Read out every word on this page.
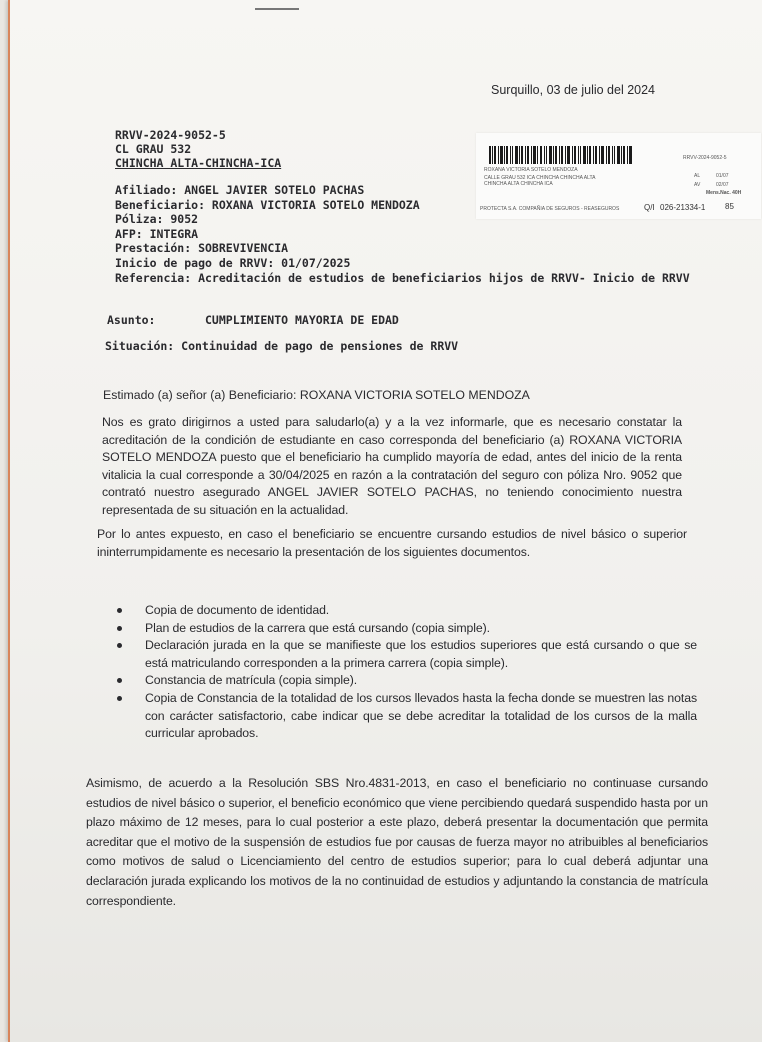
Surquillo, 03 de julio del 2024
RRVV-2024-9052-5
CL GRAU 532
CHINCHA ALTA-CHINCHA-ICA	ROXANA VICTORIA SOTELO MENDOZA
CALLE GRAU 532 ICA CHINCHA CHINCHA ALTA
CHINCHA ALTA CHINCHA ICA
RRVV-2024-9052-5
AL	01/07
AV	02/07
Mens.Nac. 40H
PROTECTA S.A. COMPAÑIA DE SEGUROS - REASEGUROS	Q/I 026-21334-1 85
Afiliado: ANGEL JAVIER SOTELO PACHAS
Beneficiario: ROXANA VICTORIA SOTELO MENDOZA
Póliza: 9052
AFP: INTEGRA
Prestación: SOBREVIVENCIA
Inicio de pago de RRVV: 01/07/2025
Referencia: Acreditación de estudios de beneficiarios hijos de RRVV- Inicio de RRVV
Asunto:	CUMPLIMIENTO MAYORIA DE EDAD
Situación: Continuidad de pago de pensiones de RRVV
Estimado (a) señor (a) Beneficiario: ROXANA VICTORIA SOTELO MENDOZA
Nos es grato dirigirnos a usted para saludarlo(a) y a la vez informarle, que es necesario constatar la acreditación de la condición de estudiante en caso corresponda del beneficiario (a) ROXANA VICTORIA SOTELO MENDOZA puesto que el beneficiario ha cumplido mayoría de edad, antes del inicio de la renta vitalicia la cual corresponde a 30/04/2025 en razón a la contratación del seguro con póliza Nro. 9052 que contrató nuestro asegurado ANGEL JAVIER SOTELO PACHAS, no teniendo conocimiento nuestra representada de su situación en la actualidad.
Por lo antes expuesto, en caso el beneficiario se encuentre cursando estudios de nivel básico o superior ininterrumpidamente es necesario la presentación de los siguientes documentos.
Copia de documento de identidad.
Plan de estudios de la carrera que está cursando (copia simple).
Declaración jurada en la que se manifieste que los estudios superiores que está cursando o que se está matriculando corresponden a la primera carrera (copia simple).
Constancia de matrícula (copia simple).
Copia de Constancia de la totalidad de los cursos llevados hasta la fecha donde se muestren las notas con carácter satisfactorio, cabe indicar que se debe acreditar la totalidad de los cursos de la malla curricular aprobados.
Asimismo, de acuerdo a la Resolución SBS Nro.4831-2013, en caso el beneficiario no continuase cursando estudios de nivel básico o superior, el beneficio económico que viene percibiendo quedará suspendido hasta por un plazo máximo de 12 meses, para lo cual posterior a este plazo, deberá presentar la documentación que permita acreditar que el motivo de la suspensión de estudios fue por causas de fuerza mayor no atribuibles al beneficiarios como motivos de salud o Licenciamiento del centro de estudios superior; para lo cual deberá adjuntar una declaración jurada explicando los motivos de la no continuidad de estudios y adjuntando la constancia de matrícula correspondiente.
